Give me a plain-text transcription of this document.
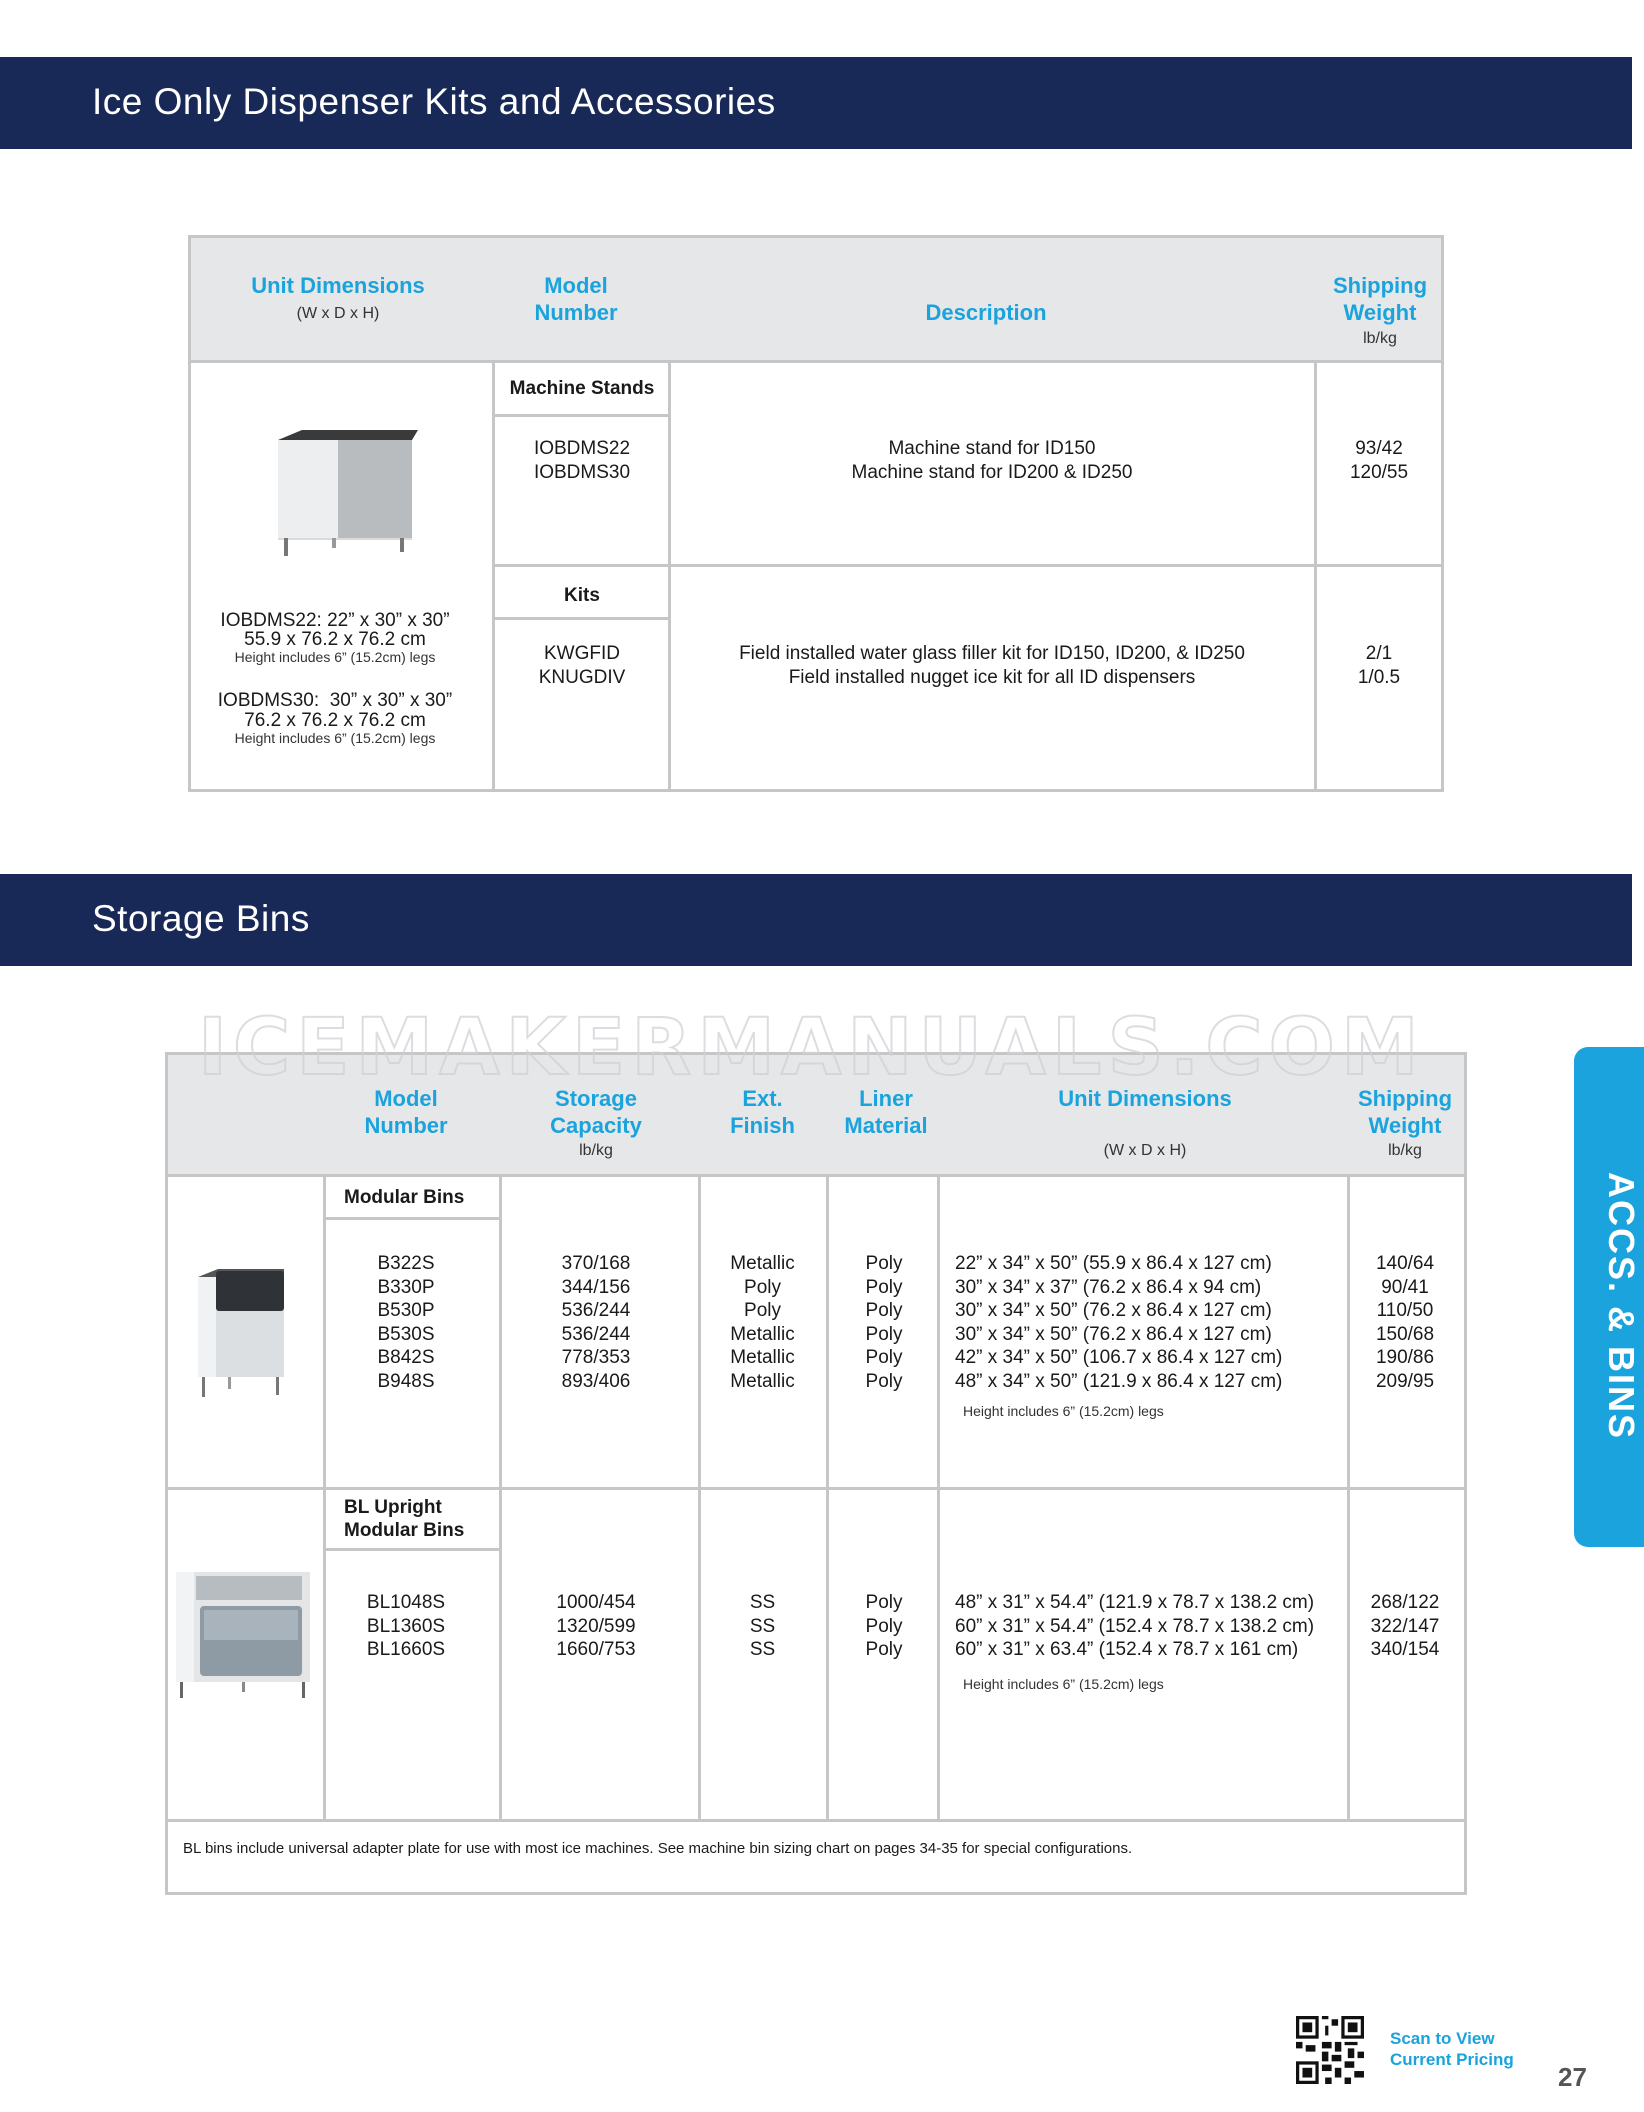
Ice Only Dispenser Kits and Accessories
Unit Dimensions
(W x D x H)
Model
Number	Description
Shipping
Weight
lb/kg
IOBDMS22: 22” x 30” x 30”
55.9 x 76.2 x 76.2 cm
Height includes 6” (15.2cm) legs
IOBDMS30:  30” x 30” x 30”
76.2 x 76.2 x 76.2 cm
Height includes 6” (15.2cm) legs
Machine Stands
IOBDMS22
IOBDMS30
Machine stand for ID150
Machine stand for ID200 & ID250
93/42
120/55
Kits
KWGFID
KNUGDIV
Field installed water glass filler kit for ID150, ID200, & ID250
Field installed nugget ice kit for all ID dispensers
2/1
1/0.5
Storage Bins
ICEMAKERMANUALS.COM
Model
Number
Storage
Capacity
lb/kg
Ext.
Finish
Liner
Material
Unit Dimensions
(W x D x H)
Shipping
Weight
lb/kg
Modular Bins
B322S
B330P
B530P
B530S
B842S
B948S
370/168
344/156
536/244
536/244
778/353
893/406
Metallic
Poly
Poly
Metallic
Metallic
Metallic
Poly
Poly
Poly
Poly
Poly
Poly
22” x 34” x 50” (55.9 x 86.4 x 127 cm)
30” x 34” x 37” (76.2 x 86.4 x 94 cm)
30” x 34” x 50” (76.2 x 86.4 x 127 cm)
30” x 34” x 50” (76.2 x 86.4 x 127 cm)
42” x 34” x 50” (106.7 x 86.4 x 127 cm)
48” x 34” x 50” (121.9 x 86.4 x 127 cm)
Height includes 6” (15.2cm) legs
140/64
90/41
110/50
150/68
190/86
209/95
BL Upright
Modular Bins
BL1048S
BL1360S
BL1660S
1000/454
1320/599
1660/753
SS
SS
SS
Poly
Poly
Poly
48” x 31” x 54.4” (121.9 x 78.7 x 138.2 cm)
60” x 31” x 54.4” (152.4 x 78.7 x 138.2 cm)
60” x 31” x 63.4” (152.4 x 78.7 x 161 cm)
Height includes 6” (15.2cm) legs
268/122
322/147
340/154
BL bins include universal adapter plate for use with most ice machines. See machine bin sizing chart on pages 34-35 for special configurations.
ACCS. & BINS
Scan to View
Current Pricing
27
